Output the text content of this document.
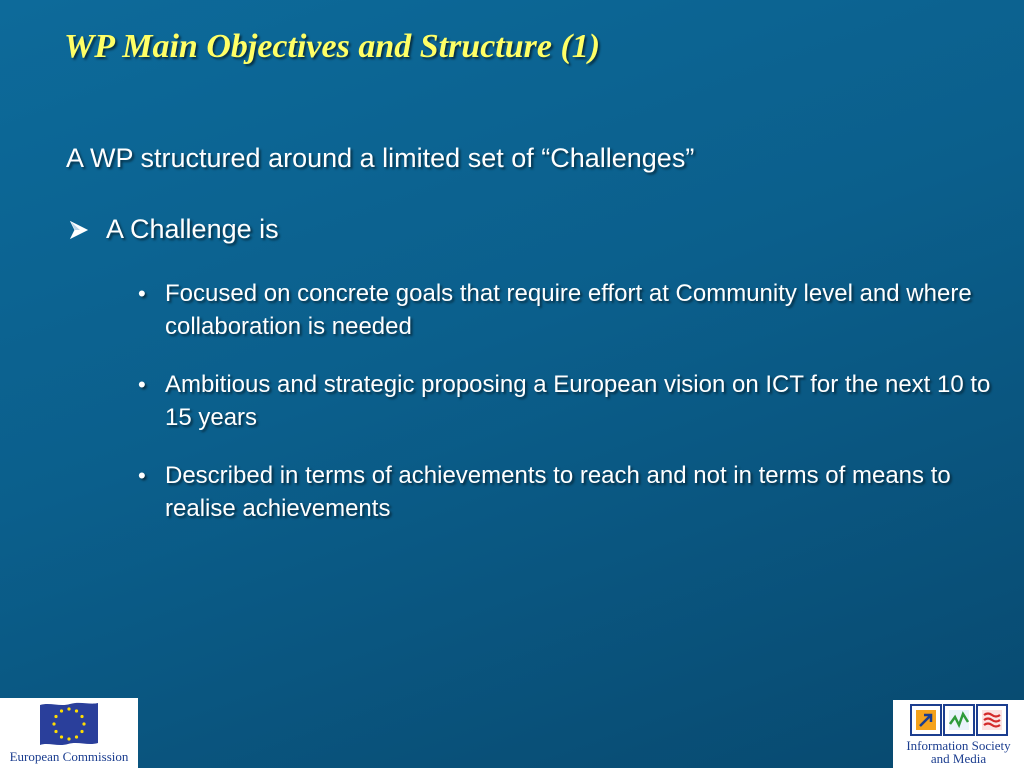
WP Main Objectives and Structure (1)
A WP structured around a limited set of “Challenges”
A Challenge is
• Focused on concrete goals that require effort at Community level and where collaboration is needed
• Ambitious and strategic proposing a European vision on ICT for the next 10 to 15 years
• Described in terms of achievements to reach and not in terms of means to realise achievements
European Commission
Information Society
and Media
